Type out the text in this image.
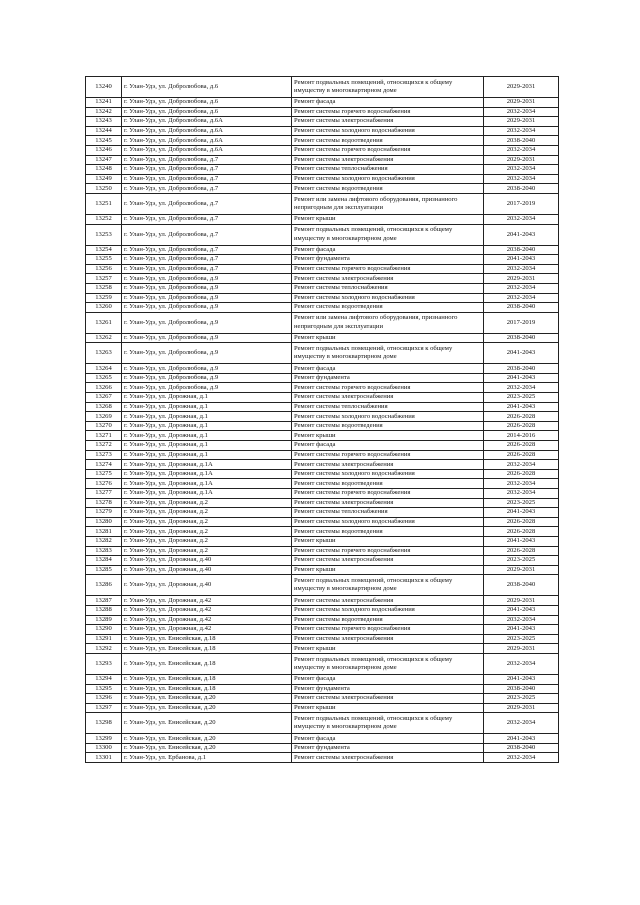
13240	г. Улан-Удэ, ул. Добролюбова, д.6	Ремонт подвальных помещений, относящихся к общему имуществу в многоквартирном доме	2029-2031
13241	г. Улан-Удэ, ул. Добролюбова, д.6	Ремонт фасада	2029-2031
13242	г. Улан-Удэ, ул. Добролюбова, д.6	Ремонт системы горячего водоснабжения	2032-2034
13243	г. Улан-Удэ, ул. Добролюбова, д.6А	Ремонт системы электроснабжения	2029-2031
13244	г. Улан-Удэ, ул. Добролюбова, д.6А	Ремонт системы холодного водоснабжения	2032-2034
13245	г. Улан-Удэ, ул. Добролюбова, д.6А	Ремонт системы водоотведения	2038-2040
13246	г. Улан-Удэ, ул. Добролюбова, д.6А	Ремонт системы горячего водоснабжения	2032-2034
13247	г. Улан-Удэ, ул. Добролюбова, д.7	Ремонт системы электроснабжения	2029-2031
13248	г. Улан-Удэ, ул. Добролюбова, д.7	Ремонт системы теплоснабжения	2032-2034
13249	г. Улан-Удэ, ул. Добролюбова, д.7	Ремонт системы холодного водоснабжения	2032-2034
13250	г. Улан-Удэ, ул. Добролюбова, д.7	Ремонт системы водоотведения	2038-2040
13251	г. Улан-Удэ, ул. Добролюбова, д.7	Ремонт или замена лифтового оборудования, признанного непригодным для эксплуатации	2017-2019
13252	г. Улан-Удэ, ул. Добролюбова, д.7	Ремонт крыши	2032-2034
13253	г. Улан-Удэ, ул. Добролюбова, д.7	Ремонт подвальных помещений, относящихся к общему имуществу в многоквартирном доме	2041-2043
13254	г. Улан-Удэ, ул. Добролюбова, д.7	Ремонт фасада	2038-2040
13255	г. Улан-Удэ, ул. Добролюбова, д.7	Ремонт фундамента	2041-2043
13256	г. Улан-Удэ, ул. Добролюбова, д.7	Ремонт системы горячего водоснабжения	2032-2034
13257	г. Улан-Удэ, ул. Добролюбова, д.9	Ремонт системы электроснабжения	2029-2031
13258	г. Улан-Удэ, ул. Добролюбова, д.9	Ремонт системы теплоснабжения	2032-2034
13259	г. Улан-Удэ, ул. Добролюбова, д.9	Ремонт системы холодного водоснабжения	2032-2034
13260	г. Улан-Удэ, ул. Добролюбова, д.9	Ремонт системы водоотведения	2038-2040
13261	г. Улан-Удэ, ул. Добролюбова, д.9	Ремонт или замена лифтового оборудования, признанного непригодным для эксплуатации	2017-2019
13262	г. Улан-Удэ, ул. Добролюбова, д.9	Ремонт крыши	2038-2040
13263	г. Улан-Удэ, ул. Добролюбова, д.9	Ремонт подвальных помещений, относящихся к общему имуществу в многоквартирном доме	2041-2043
13264	г. Улан-Удэ, ул. Добролюбова, д.9	Ремонт фасада	2038-2040
13265	г. Улан-Удэ, ул. Добролюбова, д.9	Ремонт фундамента	2041-2043
13266	г. Улан-Удэ, ул. Добролюбова, д.9	Ремонт системы горячего водоснабжения	2032-2034
13267	г. Улан-Удэ, ул. Дорожная, д.1	Ремонт системы электроснабжения	2023-2025
13268	г. Улан-Удэ, ул. Дорожная, д.1	Ремонт системы теплоснабжения	2041-2043
13269	г. Улан-Удэ, ул. Дорожная, д.1	Ремонт системы холодного водоснабжения	2026-2028
13270	г. Улан-Удэ, ул. Дорожная, д.1	Ремонт системы водоотведения	2026-2028
13271	г. Улан-Удэ, ул. Дорожная, д.1	Ремонт крыши	2014-2016
13272	г. Улан-Удэ, ул. Дорожная, д.1	Ремонт фасада	2026-2028
13273	г. Улан-Удэ, ул. Дорожная, д.1	Ремонт системы горячего водоснабжения	2026-2028
13274	г. Улан-Удэ, ул. Дорожная, д.1А	Ремонт системы электроснабжения	2032-2034
13275	г. Улан-Удэ, ул. Дорожная, д.1А	Ремонт системы холодного водоснабжения	2026-2028
13276	г. Улан-Удэ, ул. Дорожная, д.1А	Ремонт системы водоотведения	2032-2034
13277	г. Улан-Удэ, ул. Дорожная, д.1А	Ремонт системы горячего водоснабжения	2032-2034
13278	г. Улан-Удэ, ул. Дорожная, д.2	Ремонт системы электроснабжения	2023-2025
13279	г. Улан-Удэ, ул. Дорожная, д.2	Ремонт системы теплоснабжения	2041-2043
13280	г. Улан-Удэ, ул. Дорожная, д.2	Ремонт системы холодного водоснабжения	2026-2028
13281	г. Улан-Удэ, ул. Дорожная, д.2	Ремонт системы водоотведения	2026-2028
13282	г. Улан-Удэ, ул. Дорожная, д.2	Ремонт крыши	2041-2043
13283	г. Улан-Удэ, ул. Дорожная, д.2	Ремонт системы горячего водоснабжения	2026-2028
13284	г. Улан-Удэ, ул. Дорожная, д.40	Ремонт системы электроснабжения	2023-2025
13285	г. Улан-Удэ, ул. Дорожная, д.40	Ремонт крыши	2029-2031
13286	г. Улан-Удэ, ул. Дорожная, д.40	Ремонт подвальных помещений, относящихся к общему имуществу в многоквартирном доме	2038-2040
13287	г. Улан-Удэ, ул. Дорожная, д.42	Ремонт системы электроснабжения	2029-2031
13288	г. Улан-Удэ, ул. Дорожная, д.42	Ремонт системы холодного водоснабжения	2041-2043
13289	г. Улан-Удэ, ул. Дорожная, д.42	Ремонт системы водоотведения	2032-2034
13290	г. Улан-Удэ, ул. Дорожная, д.42	Ремонт системы горячего водоснабжения	2041-2043
13291	г. Улан-Удэ, ул. Енисейская, д.18	Ремонт системы электроснабжения	2023-2025
13292	г. Улан-Удэ, ул. Енисейская, д.18	Ремонт крыши	2029-2031
13293	г. Улан-Удэ, ул. Енисейская, д.18	Ремонт подвальных помещений, относящихся к общему имуществу в многоквартирном доме	2032-2034
13294	г. Улан-Удэ, ул. Енисейская, д.18	Ремонт фасада	2041-2043
13295	г. Улан-Удэ, ул. Енисейская, д.18	Ремонт фундамента	2038-2040
13296	г. Улан-Удэ, ул. Енисейская, д.20	Ремонт системы электроснабжения	2023-2025
13297	г. Улан-Удэ, ул. Енисейская, д.20	Ремонт крыши	2029-2031
13298	г. Улан-Удэ, ул. Енисейская, д.20	Ремонт подвальных помещений, относящихся к общему имуществу в многоквартирном доме	2032-2034
13299	г. Улан-Удэ, ул. Енисейская, д.20	Ремонт фасада	2041-2043
13300	г. Улан-Удэ, ул. Енисейская, д.20	Ремонт фундамента	2038-2040
13301	г. Улан-Удэ, ул. Ербанова, д.1	Ремонт системы электроснабжения	2032-2034
